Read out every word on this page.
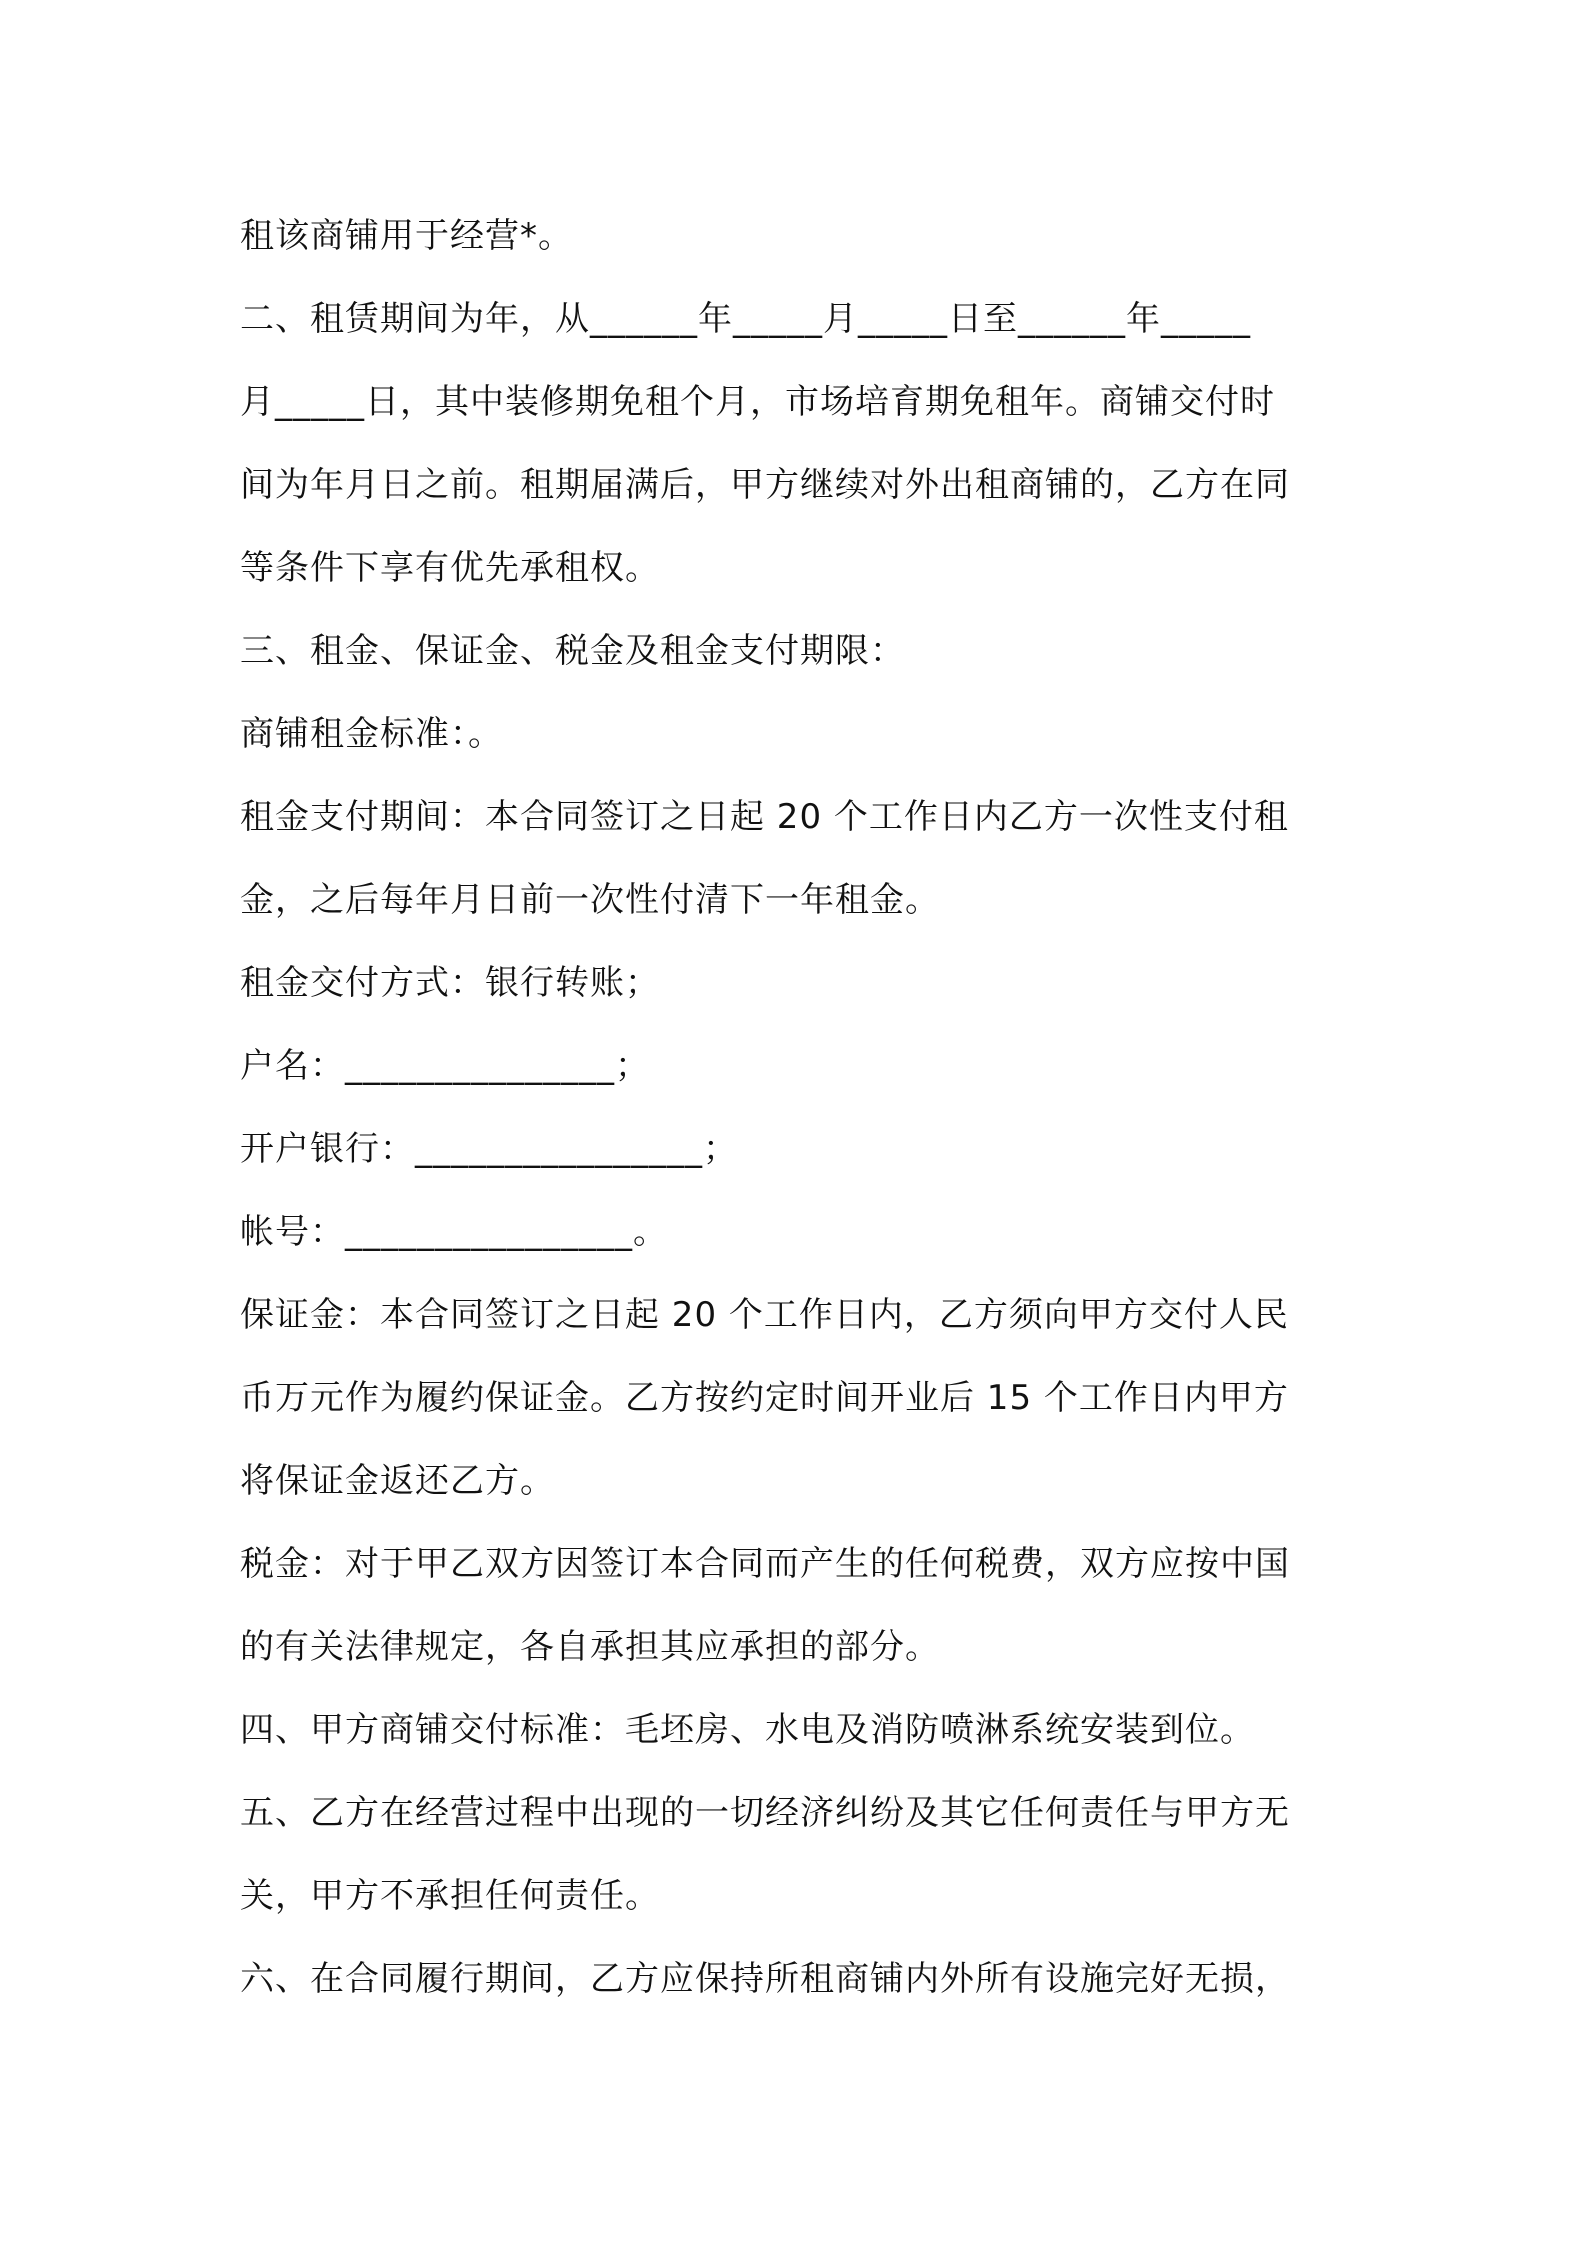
租该商铺用于经营*。
二、租赁期间为年，从______年_____月_____日至______年_____
月_____日，其中装修期免租个月，市场培育期免租年。商铺交付时
间为年月日之前。租期届满后，甲方继续对外出租商铺的，乙方在同
等条件下享有优先承租权。
三、租金、保证金、税金及租金支付期限：
商铺租金标准：。
租金支付期间：本合同签订之日起 20 个工作日内乙方一次性支付租
金，之后每年月日前一次性付清下一年租金。
租金交付方式：银行转账；
户名：_______________；
开户银行：________________；
帐号：________________。
保证金：本合同签订之日起 20 个工作日内，乙方须向甲方交付人民
币万元作为履约保证金。乙方按约定时间开业后 15 个工作日内甲方
将保证金返还乙方。
税金：对于甲乙双方因签订本合同而产生的任何税费，双方应按中国
的有关法律规定，各自承担其应承担的部分。
四、甲方商铺交付标准：毛坯房、水电及消防喷淋系统安装到位。
五、乙方在经营过程中出现的一切经济纠纷及其它任何责任与甲方无
关，甲方不承担任何责任。
六、在合同履行期间，乙方应保持所租商铺内外所有设施完好无损，
